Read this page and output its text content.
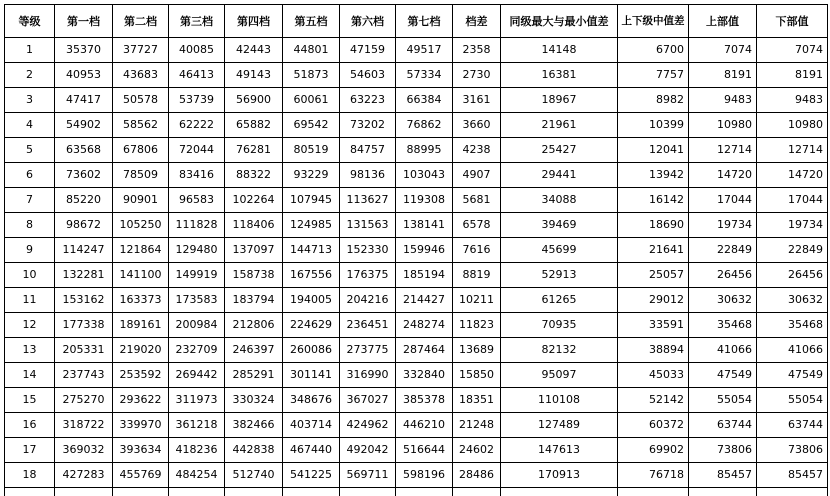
等级	第一档	第二档	第三档	第四档	第五档	第六档	第七档	档差	同级最大与最小值差	上下级中值差	上部值	下部值
1	35370	37727	40085	42443	44801	47159	49517	2358	14148	6700	7074	7074
2	40953	43683	46413	49143	51873	54603	57334	2730	16381	7757	8191	8191
3	47417	50578	53739	56900	60061	63223	66384	3161	18967	8982	9483	9483
4	54902	58562	62222	65882	69542	73202	76862	3660	21961	10399	10980	10980
5	63568	67806	72044	76281	80519	84757	88995	4238	25427	12041	12714	12714
6	73602	78509	83416	88322	93229	98136	103043	4907	29441	13942	14720	14720
7	85220	90901	96583	102264	107945	113627	119308	5681	34088	16142	17044	17044
8	98672	105250	111828	118406	124985	131563	138141	6578	39469	18690	19734	19734
9	114247	121864	129480	137097	144713	152330	159946	7616	45699	21641	22849	22849
10	132281	141100	149919	158738	167556	176375	185194	8819	52913	25057	26456	26456
11	153162	163373	173583	183794	194005	204216	214427	10211	61265	29012	30632	30632
12	177338	189161	200984	212806	224629	236451	248274	11823	70935	33591	35468	35468
13	205331	219020	232709	246397	260086	273775	287464	13689	82132	38894	41066	41066
14	237743	253592	269442	285291	301141	316990	332840	15850	95097	45033	47549	47549
15	275270	293622	311973	330324	348676	367027	385378	18351	110108	52142	55054	55054
16	318722	339970	361218	382466	403714	424962	446210	21248	127489	60372	63744	63744
17	369032	393634	418236	442838	467440	492042	516644	24602	147613	69902	73806	73806
18	427283	455769	484254	512740	541225	569711	598196	28486	170913	76718	85457	85457
